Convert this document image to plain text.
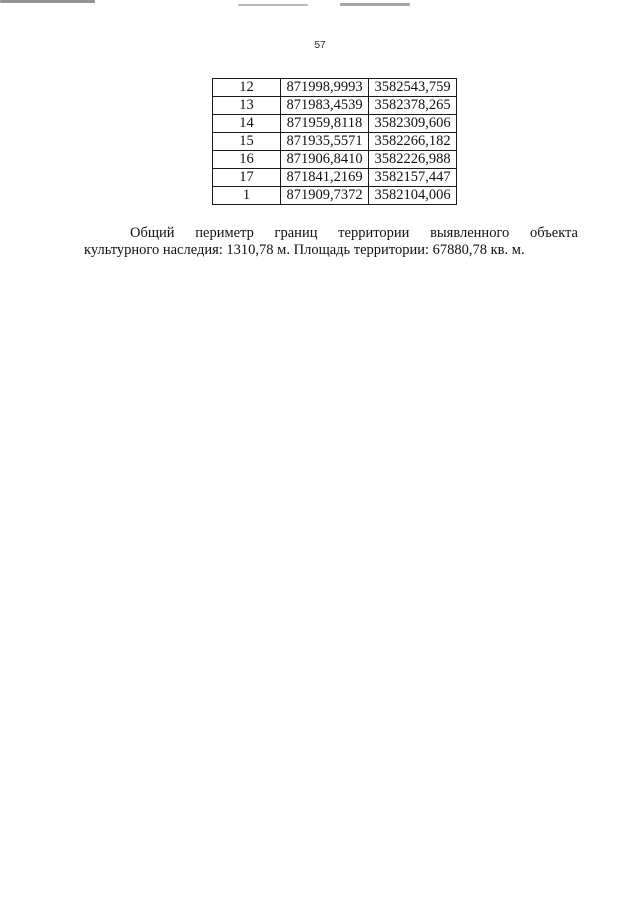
57
12	871998,9993	3582543,759
13	871983,4539	3582378,265
14	871959,8118	3582309,606
15	871935,5571	3582266,182
16	871906,8410	3582226,988
17	871841,2169	3582157,447
1	871909,7372	3582104,006

Общий периметр границ территории выявленного объекта
культурного наследия: 1310,78 м. Площадь территории: 67880,78 кв. м.
